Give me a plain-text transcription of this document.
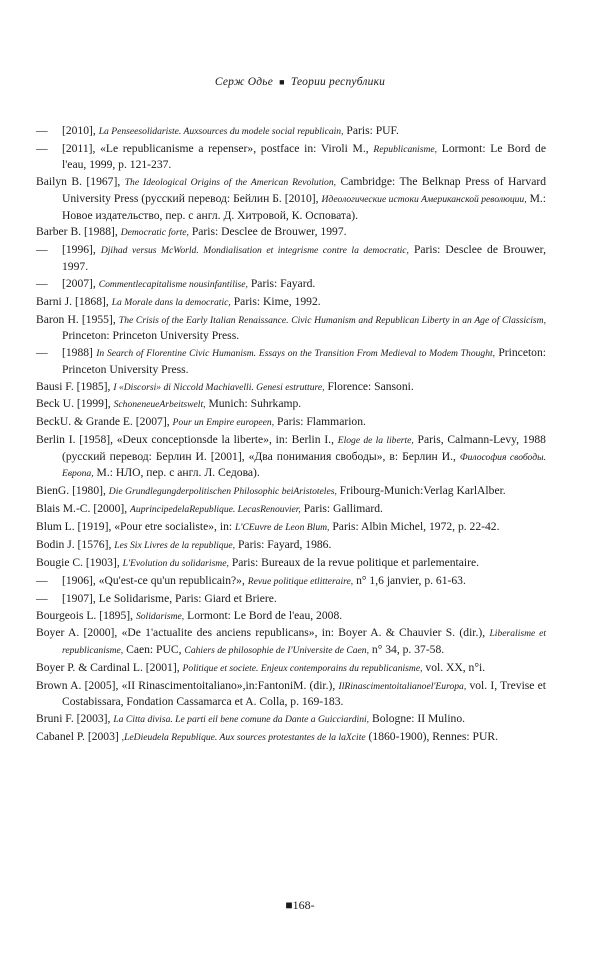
Серж Одье ■ Теории республики
— [2010], La Penseesolidariste. Auxsources du modele social republicain, Paris: PUF.
— [2011], «Le republicanisme a repenser», postface in: Viroli M., Republicanisme, Lormont: Le Bord de l'eau, 1999, p. 121-237.
Bailyn B. [1967], The Ideological Origins of the American Revolution, Cambridge: The Belknap Press of Harvard University Press (русский перевод: Бейлин Б. [2010], Идеологические истоки Американской революции, M.: Новое издательство, пер. с англ. Д. Хитровой, К. Осповата).
Barber B. [1988], Democratic forte, Paris: Desclee de Brouwer, 1997.
— [1996], Djihad versus McWorld. Mondialisation et integrisme contre la democratic, Paris: Desclee de Brouwer, 1997.
— [2007], Commentlecapitalisme nousinfantilise, Paris: Fayard.
Barni J. [1868], La Morale dans la democratic, Paris: Kime, 1992.
Baron H. [1955], The Crisis of the Early Italian Renaissance. Civic Humanism and Republican Liberty in an Age of Classicism, Princeton: Princeton University Press.
— [1988] In Search of Florentine Civic Humanism. Essays on the Transition From Medieval to Modem Thought, Princeton: Princeton University Press.
Bausi F. [1985], I «Discorsi» di Niccold Machiavelli. Genesi estrutture, Florence: Sansoni.
Beck U. [1999], SchoneneueArbeitswelt, Munich: Suhrkamp.
BeckU. & Grande E. [2007], Pour un Empire europeen, Paris: Flammarion.
Berlin I. [1958], «Deux conceptionsde la liberte», in: Berlin I., Eloge de la liberte, Paris, Calmann-Levy, 1988 (русский перевод: Берлин И. [2001], «Два понимания свободы», в: Берлин И., Философия свободы. Европа, M.: НЛО, пер. с англ. Л. Седова).
BienG. [1980], Die Grundlegungderpolitischen Philosophic beiAristoteles, Fribourg-Munich:Verlag KarlAlber.
Blais M.-C. [2000], AuprincipedelaRepublique. LecasRenouvier, Paris: Gallimard.
Blum L. [1919], «Pour etre socialiste», in: L'CEuvre de Leon Blum, Paris: Albin Michel, 1972, p. 22-42.
Bodin J. [1576], Les Six Livres de la republique, Paris: Fayard, 1986.
Bougie C. [1903], L'Evolution du solidarisme, Paris: Bureaux de la revue politique et parlementaire.
— [1906], «Qu'est-ce qu'un republicain?», Revue politique etlitteraire, n° 1,6 janvier, p. 61-63.
— [1907], Le Solidarisme, Paris: Giard et Briere.
Bourgeois L. [1895], Solidarisme, Lormont: Le Bord de l'eau, 2008.
Boyer A. [2000], «De 1'actualite des anciens republicans», in: Boyer A. & Chauvier S. (dir.), Liberalisme et republicanisme, Caen: PUC, Cahiers de philosophie de I'Universite de Caen, n° 34, p. 37-58.
Boyer P. & Cardinal L. [2001], Politique et societe. Enjeux contemporains du republicanisme, vol. XX, n°i.
Brown A. [2005], «II Rinascimentoitaliano»,in:FantoniM. (dir.), IlRinascimentoitalianoel'Europa, vol. I, Trevise et Costabissara, Fondation Cassamarca et A. Colla, p. 169-183.
Bruni F. [2003], La Citta divisa. Le parti eil bene comune da Dante a Guicciardini, Bologne: II Mulino.
Cabanel P. [2003] ,LeDieudela Republique. Aux sources protestantes de la laXcite (1860-1900), Rennes: PUR.
■168-
